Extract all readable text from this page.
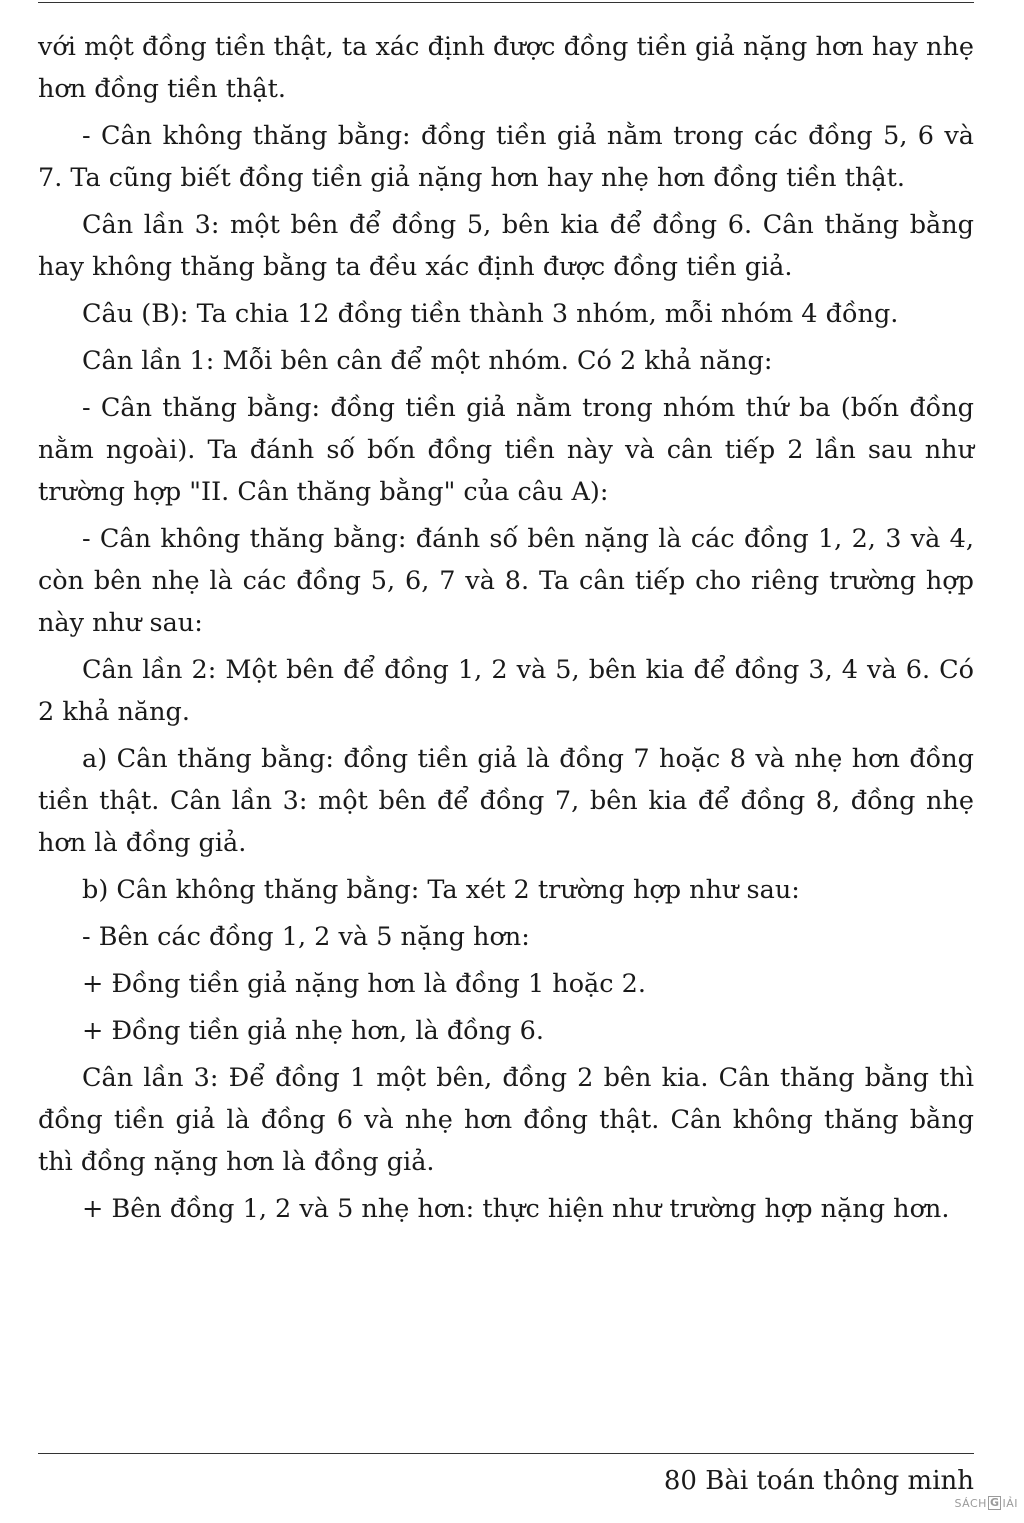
với một đồng tiền thật, ta xác định được đồng tiền giả nặng hơn hay nhẹ hơn đồng tiền thật.

- Cân không thăng bằng: đồng tiền giả nằm trong các đồng 5, 6 và 7. Ta cũng biết đồng tiền giả nặng hơn hay nhẹ hơn đồng tiền thật.

Cân lần 3: một bên để đồng 5, bên kia để đồng 6. Cân thăng bằng hay không thăng bằng ta đều xác định được đồng tiền giả.

Câu (B): Ta chia 12 đồng tiền thành 3 nhóm, mỗi nhóm 4 đồng.

Cân lần 1: Mỗi bên cân để một nhóm. Có 2 khả năng:

- Cân thăng bằng: đồng tiền giả nằm trong nhóm thứ ba (bốn đồng nằm ngoài). Ta đánh số bốn đồng tiền này và cân tiếp 2 lần sau như trường hợp "II. Cân thăng bằng" của câu A):

- Cân không thăng bằng: đánh số bên nặng là các đồng 1, 2, 3 và 4, còn bên nhẹ là các đồng 5, 6, 7 và 8. Ta cân tiếp cho riêng trường hợp này như sau:

Cân lần 2: Một bên để đồng 1, 2 và 5, bên kia để đồng 3, 4 và 6. Có 2 khả năng.

a) Cân thăng bằng: đồng tiền giả là đồng 7 hoặc 8 và nhẹ hơn đồng tiền thật. Cân lần 3: một bên để đồng 7, bên kia để đồng 8, đồng nhẹ hơn là đồng giả.

b) Cân không thăng bằng: Ta xét 2 trường hợp như sau:

- Bên các đồng 1, 2 và 5 nặng hơn:

+ Đồng tiền giả nặng hơn là đồng 1 hoặc 2.

+ Đồng tiền giả nhẹ hơn, là đồng 6.

Cân lần 3: Để đồng 1 một bên, đồng 2 bên kia. Cân thăng bằng thì đồng tiền giả là đồng 6 và nhẹ hơn đồng thật. Cân không thăng bằng thì đồng nặng hơn là đồng giả.

+ Bên đồng 1, 2 và 5 nhẹ hơn: thực hiện như trường hợp nặng hơn.

80 Bài toán thông minh
SÁCH G IẢI
